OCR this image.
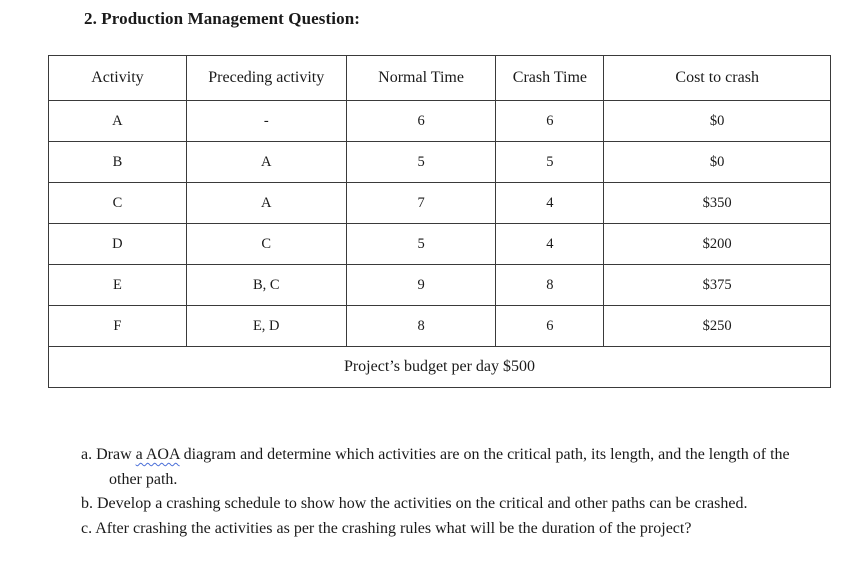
2. Production Management Question:
Activity	Preceding activity	Normal Time	Crash Time	Cost to crash
A	-	6	6	$0
B	A	5	5	$0
C	A	7	4	$350
D	C	5	4	$200
E	B, C	9	8	$375
F	E, D	8	6	$250
Project’s budget per day $500				
a. Draw a AOA diagram and determine which activities are on the critical path, its length, and the length of the other path.
b. Develop a crashing schedule to show how the activities on the critical and other paths can be crashed.
c. After crashing the activities as per the crashing rules what will be the duration of the project?
